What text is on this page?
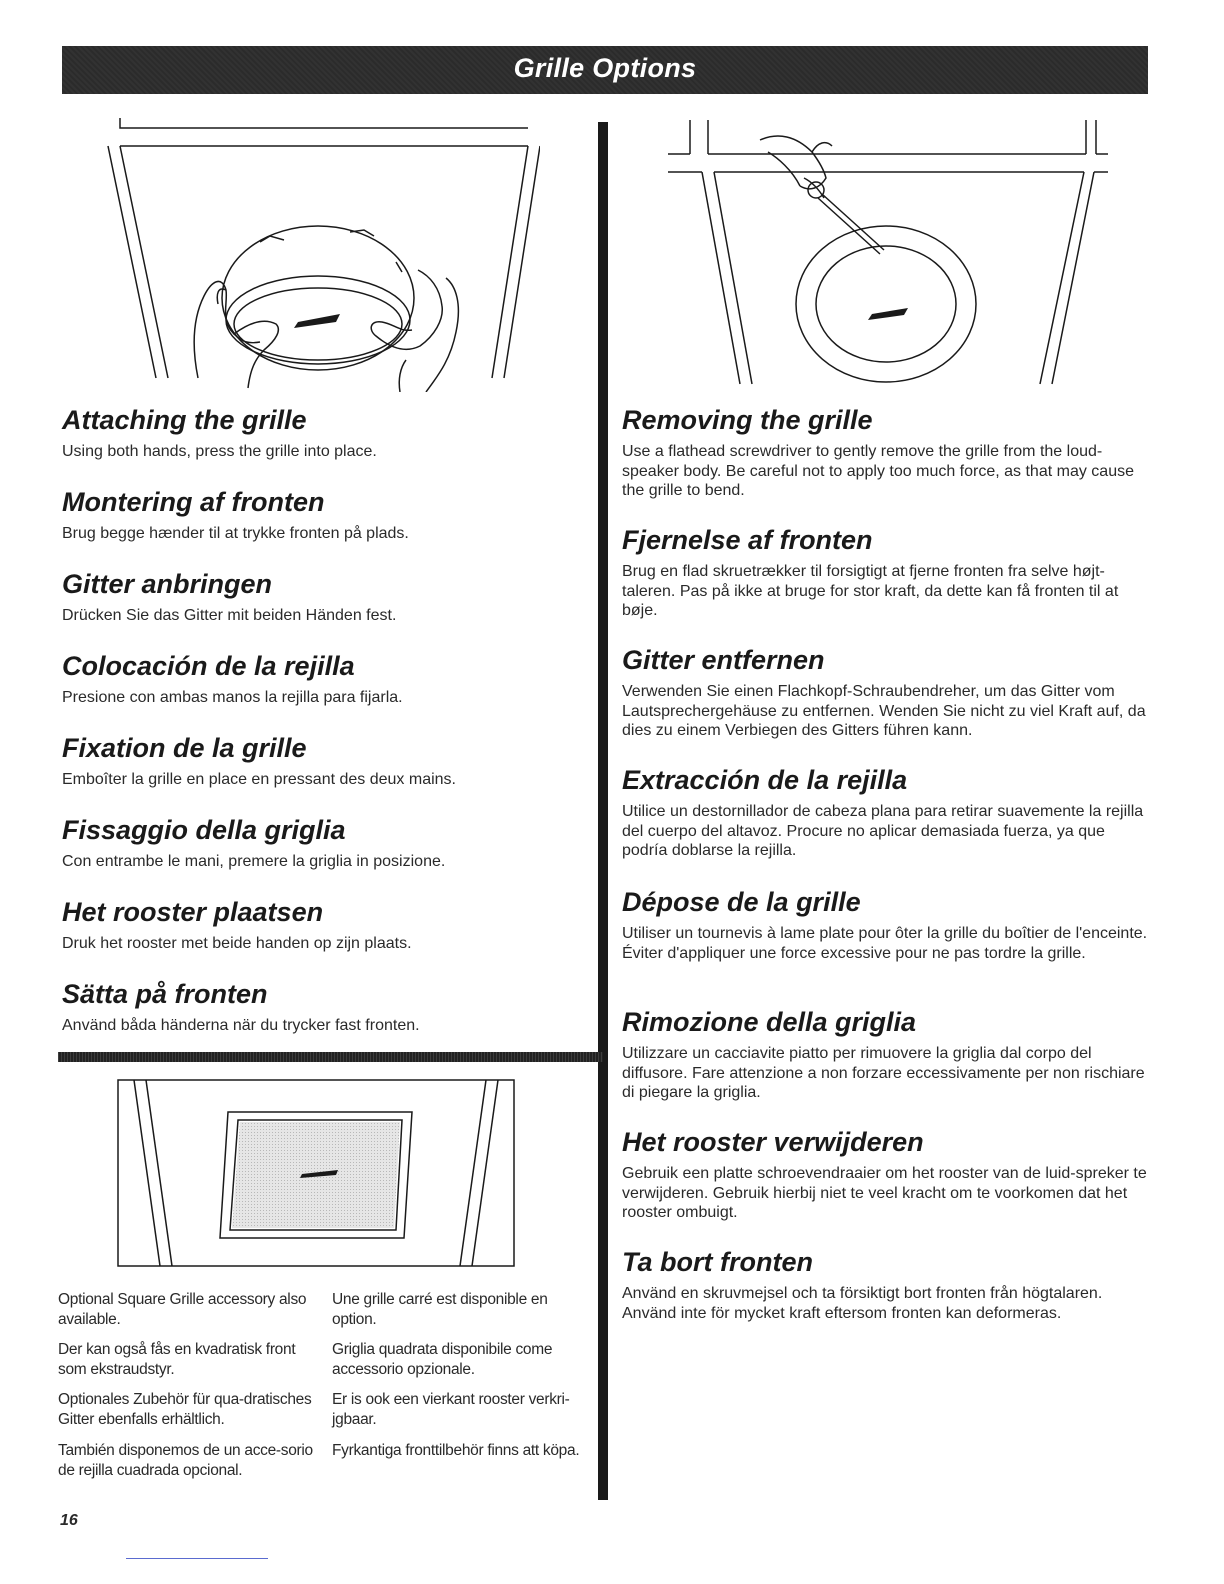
Grille Options
Attaching the grille

Using both hands, press the grille into place.

Montering af fronten

Brug begge hænder til at trykke fronten på plads.

Gitter anbringen

Drücken Sie das Gitter mit beiden Händen fest.

Colocación de la rejilla

Presione con ambas manos la rejilla para fijarla.

Fixation de la grille

Emboîter la grille en place en pressant des deux mains.

Fissaggio della griglia

Con entrambe le mani, premere la griglia in posizione.

Het rooster plaatsen

Druk het rooster met beide handen op zijn plaats.

Sätta på fronten

Använd båda händerna när du trycker fast fronten.

Removing the grille

Use a flathead screwdriver to gently remove the grille from the loud-speaker body. Be careful not to apply too much force, as that may cause the grille to bend.

Fjernelse af fronten

Brug en flad skruetrækker til forsigtigt at fjerne fronten fra selve højt-taleren. Pas på ikke at bruge for stor kraft, da dette kan få fronten til at bøje.

Gitter entfernen

Verwenden Sie einen Flachkopf-Schraubendreher, um das Gitter vom Lautsprechergehäuse zu entfernen. Wenden Sie nicht zu viel Kraft auf, da dies zu einem Verbiegen des Gitters führen kann.

Extracción de la rejilla

Utilice un destornillador de cabeza plana para retirar suavemente la rejilla del cuerpo del altavoz. Procure no aplicar demasiada fuerza, ya que podría doblarse la rejilla.

Dépose de la grille

Utiliser un tournevis à lame plate pour ôter la grille du boîtier de l'enceinte. Éviter d'appliquer une force excessive pour ne pas tordre la grille.

Rimozione della griglia

Utilizzare un cacciavite piatto per rimuovere la griglia dal corpo del diffusore. Fare attenzione a non forzare eccessivamente per non rischiare di piegare la griglia.

Het rooster verwijderen

Gebruik een platte schroevendraaier om het rooster van de luid-spreker te verwijderen. Gebruik hierbij niet te veel kracht om te voorkomen dat het rooster ombuigt.

Ta bort fronten

Använd en skruvmejsel och ta försiktigt bort fronten från högtalaren. Använd inte för mycket kraft eftersom fronten kan deformeras.

Optional Square Grille accessory also available.
Une grille carré est disponible en option.
Der kan også fås en kvadratisk front som ekstraudstyr.
Griglia quadrata disponibile come accessorio opzionale.
Optionales Zubehör für qua-dratisches Gitter ebenfalls erhältlich.
Er is ook een vierkant rooster verkri-jgbaar.
También disponemos de un acce-sorio de rejilla cuadrada opcional.
Fyrkantiga fronttilbehör finns att köpa.
16
